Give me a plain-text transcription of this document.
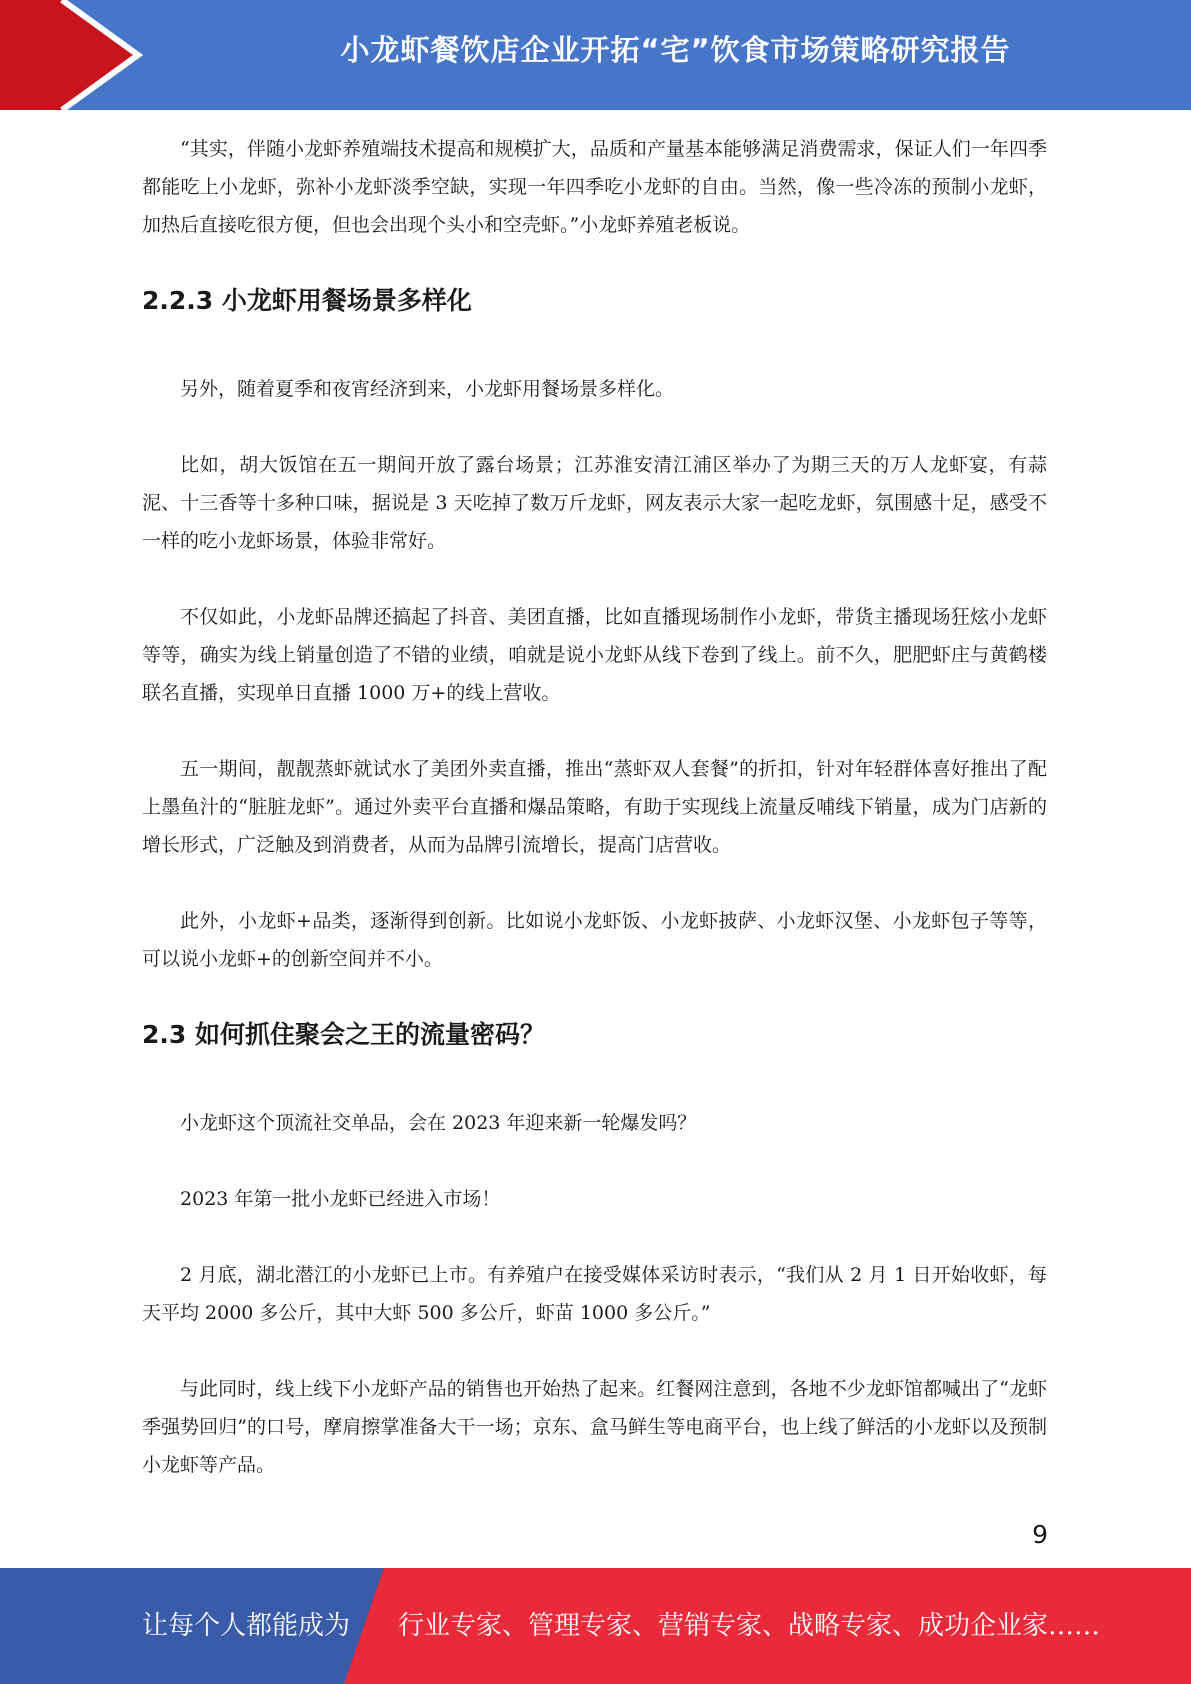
小龙虾餐饮店企业开拓“宅”饮食市场策略研究报告

“其实，伴随小龙虾养殖端技术提高和规模扩大，品质和产量基本能够满足消费需求，保证人们一年四季都能吃上小龙虾，弥补小龙虾淡季空缺，实现一年四季吃小龙虾的自由。当然，像一些冷冻的预制小龙虾，加热后直接吃很方便，但也会出现个头小和空壳虾。”小龙虾养殖老板说。

2.2.3 小龙虾用餐场景多样化

另外，随着夏季和夜宵经济到来，小龙虾用餐场景多样化。

比如，胡大饭馆在五一期间开放了露台场景；江苏淮安清江浦区举办了为期三天的万人龙虾宴，有蒜泥、十三香等十多种口味，据说是 3 天吃掉了数万斤龙虾，网友表示大家一起吃龙虾，氛围感十足，感受不一样的吃小龙虾场景，体验非常好。

不仅如此，小龙虾品牌还搞起了抖音、美团直播，比如直播现场制作小龙虾，带货主播现场狂炫小龙虾等等，确实为线上销量创造了不错的业绩，咱就是说小龙虾从线下卷到了线上。前不久，肥肥虾庄与黄鹤楼联名直播，实现单日直播 1000 万+的线上营收。

五一期间，靓靓蒸虾就试水了美团外卖直播，推出“蒸虾双人套餐”的折扣，针对年轻群体喜好推出了配上墨鱼汁的“脏脏龙虾”。通过外卖平台直播和爆品策略，有助于实现线上流量反哺线下销量，成为门店新的增长形式，广泛触及到消费者，从而为品牌引流增长，提高门店营收。

此外，小龙虾+品类，逐渐得到创新。比如说小龙虾饭、小龙虾披萨、小龙虾汉堡、小龙虾包子等等，可以说小龙虾+的创新空间并不小。

2.3 如何抓住聚会之王的流量密码？

小龙虾这个顶流社交单品，会在 2023 年迎来新一轮爆发吗？

2023 年第一批小龙虾已经进入市场！

2 月底，湖北潜江的小龙虾已上市。有养殖户在接受媒体采访时表示，“我们从 2 月 1 日开始收虾，每天平均 2000 多公斤，其中大虾 500 多公斤，虾苗 1000 多公斤。”

与此同时，线上线下小龙虾产品的销售也开始热了起来。红餐网注意到，各地不少龙虾馆都喊出了“龙虾季强势回归”的口号，摩肩擦掌准备大干一场；京东、盒马鲜生等电商平台，也上线了鲜活的小龙虾以及预制小龙虾等产品。

9
让每个人都能成为 行业专家、管理专家、营销专家、战略专家、成功企业家……
